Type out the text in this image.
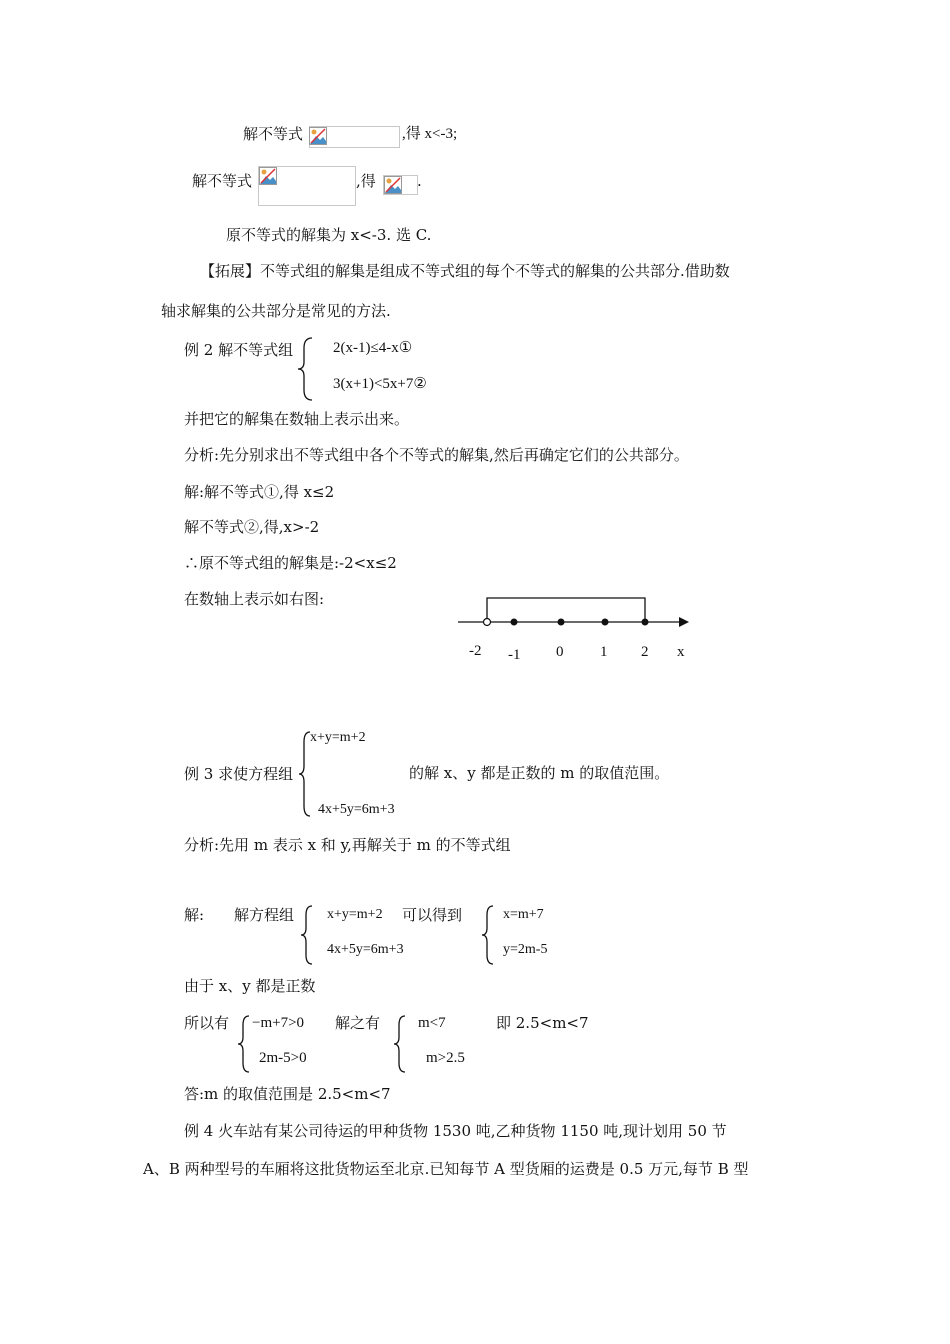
解不等式	,得 x<-3;
解不等式	,得	.
原不等式的解集为 x<-3. 选 C.
【拓展】不等式组的解集是组成不等式组的每个不等式的解集的公共部分.借助数
轴求解集的公共部分是常见的方法.
例 2 解不等式组	2(x-1)≤4-x①
3(x+1)<5x+7②
并把它的解集在数轴上表示出来。
分析:先分别求出不等式组中各个不等式的解集,然后再确定它们的公共部分。
解:解不等式①,得 x≤2
解不等式②,得,x>-2
∴原不等式组的解集是:-2<x≤2
在数轴上表示如右图:
-2 -1 0 1 2 x
x+y=m+2
例 3 求使方程组	的解 x、y 都是正数的 m 的取值范围。
4x+5y=6m+3
分析:先用 m 表示 x 和 y,再解关于 m 的不等式组
解: 解方程组 x+y=m+2
4x+5y=6m+3
可以得到	x=m+7
y=2m-5
由于 x、y 都是正数
所以有 −m+7>0
2m-5>0
解之有	m<7
m>2.5
即 2.5<m<7
答:m 的取值范围是 2.5<m<7
例 4 火车站有某公司待运的甲种货物 1530 吨,乙种货物 1150 吨,现计划用 50 节
A、B 两种型号的车厢将这批货物运至北京.已知每节 A 型货厢的运费是 0.5 万元,每节 B 型
